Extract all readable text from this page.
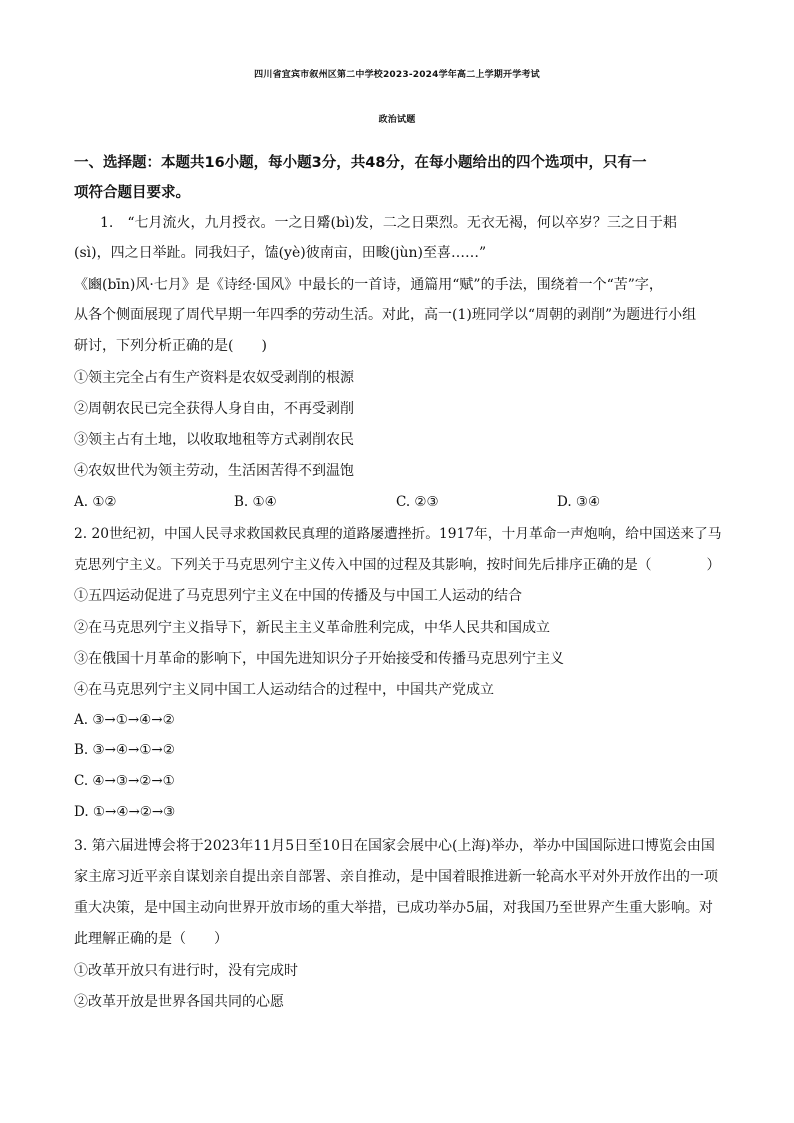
四川省宜宾市叙州区第二中学校2023-2024学年高二上学期开学考试
政治试题
一、选择题：本题共16小题，每小题3分，共48分，在每小题给出的四个选项中，只有一
项符合题目要求。
1.　“七月流火，九月授衣。一之日觱(bì)发，二之日栗烈。无衣无褐，何以卒岁？三之日于耜
(sì)，四之日举趾。同我妇子，馌(yè)彼南亩，田畯(jùn)至喜……”
《豳(bīn)风·七月》是《诗经·国风》中最长的一首诗，通篇用“赋”的手法，围绕着一个“苦”字，
从各个侧面展现了周代早期一年四季的劳动生活。对此，高一(1)班同学以“周朝的剥削”为题进行小组
研讨，下列分析正确的是(　　)
①领主完全占有生产资料是农奴受剥削的根源
②周朝农民已完全获得人身自由，不再受剥削
③领主占有土地，以收取地租等方式剥削农民
④农奴世代为领主劳动，生活困苦得不到温饱
A. ①②	B. ①④	C. ②③	D. ③④
2. 20世纪初，中国人民寻求救国救民真理的道路屡遭挫折。1917年，十月革命一声炮响，给中国送来了马
克思列宁主义。下列关于马克思列宁主义传入中国的过程及其影响，按时间先后排序正确的是（　　　　）
①五四运动促进了马克思列宁主义在中国的传播及与中国工人运动的结合
②在马克思列宁主义指导下，新民主主义革命胜利完成，中华人民共和国成立
③在俄国十月革命的影响下，中国先进知识分子开始接受和传播马克思列宁主义
④在马克思列宁主义同中国工人运动结合的过程中，中国共产党成立
A. ③→①→④→②
B. ③→④→①→②
C. ④→③→②→①
D. ①→④→②→③
3. 第六届进博会将于2023年11月5日至10日在国家会展中心(上海)举办，举办中国国际进口博览会由国
家主席习近平亲自谋划亲自提出亲自部署、亲自推动，是中国着眼推进新一轮高水平对外开放作出的一项
重大决策，是中国主动向世界开放市场的重大举措，已成功举办5届，对我国乃至世界产生重大影响。对
此理解正确的是（　　）
①改革开放只有进行时，没有完成时
②改革开放是世界各国共同的心愿
